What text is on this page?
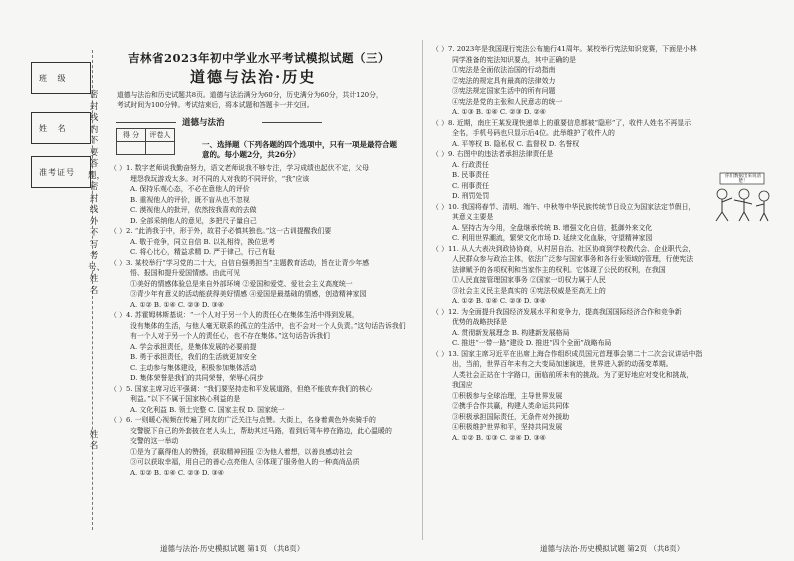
班 级
姓 名
准考证号
密封线内不要答题，密封线外不写考号、姓名
姓名
吉林省2023年初中学业水平考试模拟试题（三）
道德与法治·历史
道德与法治和历史试题共8页。道德与法治满分为60分，历史满分为60分，共计120分，
考试时间为100分钟。考试结束后，将本试题和答题卡一并交回。
道德与法治
得 分	评卷人

一、选择题（下列各题的四个选项中，只有一项是最符合题
意的。每小题2分，共26分）

（ ）1. 数字老师说我勤奋努力，语文老师说我不够专注，学习成绩也起伏不定，父母

埋怨我玩游戏太多。对不同的人对我的不同评价，“我”应该

A. 保持乐观心态，不必在意他人的评价

B. 重视他人的评价，既不盲从也不忽视

C. 漠视他人的批评，依然按我喜欢的去做

D. 全部采纳他人的意见，多把尺子量自己

（ ）2. “此消我于中，形于外，故君子必慎其独也。”这一古训提醒我们要

A. 敬于竞争，同立自信 B. 以礼相待，换位思考

C. 将心比心，精益求精 D. 严于律己，行己有耻

（ ）3. 某校举行“学习党的二十大，自信自强勇担当”主题教育活动，旨在让青少年感

悟、报国和提升爱国情感。由此可见

①美好的情感体验总是来自外部环境 ②爱国和爱党、爱社会主义高度统一

③青少年有意义的活动能获得美好情感 ④爱国是最基础的情感，创造精神家园

A. ①② B. ①④ C. ②③ D. ③④

（ ）4. 苏霍姆林斯基说：“一个人对于另一个人的责任心在集体生活中得到发展，

没有集体的生活，与他人毫无联系的孤立的生活中，也不会对一个人负责。”这句话告诉我们

有一个人对于另一个人的责任心，也不存在集体。”这句话告诉我们

A. 学会承担责任，是集体发展的必要前提

B. 勇于承担责任，我们的生活就更加安全

C. 主动参与集体建设，积极参加集体活动

D. 集体荣誉是我们的共同荣誉，荣辱心同步

（ ）5. 国家主席习近平强调：“我们要坚持走和平发展道路，但绝不能放弃我们的核心

利益。”以下不属于国家核心利益的是

A. 文化利益 B. 领土完整 C. 国家主权 D. 国家统一

（ ）6. 一则暖心视频在传遍了网友的广泛关注与点赞。大街上，名身着黄色外卖骑手的

交警脱下自己的外套披在老人头上，帮助其过马路，看到后驾车停在路边，此心温暖的

交警的这一举动

①是为了赢得他人的赞扬，获取精神回报 ②为他人着想，以善良感动社会

③可以获取幸福，用自己的善心点亮他人 ④体现了服务他人的一种高尚品质

A. ①② B. ①④ C. ②③ D. ③④

（ ）7. 2023年是我国现行宪法公布施行41周年。某校举行宪法知识竞赛，下面是小林

同学准备的宪法知识要点，其中正确的是

①宪法是全面依法治国的行动指南

②宪法的规定具有最高的法律效力

③宪法规定国家生活中的所有问题

④宪法是党的主张和人民意志的统一

A. ①③ B. ①④ C. ②③ D. ②④

（ ）8. 近期，南庄王某发现快递单上的重要信息都被“隐形”了，收件人姓名不再显示

全名，手机号码也只显示后4位。此举维护了收件人的

A. 平等权 B. 隐私权 C. 监督权 D. 名誉权

（ ）9. 右图中的违法者承担法律责任是

A. 行政责任

B. 民事责任

C. 刑事责任

D. 刑罚处罚

（ ）10. 我国将春节、清明、端午、中秋等中华民族传统节日设立为国家法定节假日，

其意义主要是

A. 坚持古为今用，全盘继承传统 B. 增强文化自信，抵御外来文化

C. 利用世界潮流，繁荣文化市场 D. 延续文化血脉，守望精神家园

（ ）11. 从人大表决到政协协商，从村居自治、社区协商到学校教代会、企业职代会，

人民群众参与政治主体，依法广泛参与国家事务和各行业领域的管理，行使宪法

法律赋予的各项权利和当家作主的权利。它体现了公民的权利，在我国

①人民直接管理国家事务 ②国家一切权力属于人民

③社会主义民主是真实的 ④宪法权威是至高无上的

A. ①② B. ①④ C. ②③ D. ③④

（ ）12. 为全面提升我国经济发展水平和竞争力，提高我国国际经济合作和竞争新

优势的战略抉择是

A. 贯彻新发展理念 B. 构建新发展格局

C. 推进“一带一路”建设 D. 推进“四个全面”战略布局

（ ）13. 国家主席习近平在出席上海合作组织成员国元首理事会第二十二次会议讲话中指

出，当前，世界百年未有之大变局加速演进，世界进入新的动荡变革期。

人类社会正站在十字路口，面临前所未有的挑战。为了更好地应对变化和挑战，

我国应

①积极参与全球治理，主导世界发展

②携手合作共赢，构建人类命运共同体

③积极承担国际责任，无条件对外援助

④积极维护世界和平，坚持共同发展

A. ①② B. ①③ C. ②④ D. ③④

你们数据出来说清楚！
道德与法治·历史模拟试题 第1页 （共8页）	道德与法治·历史模拟试题 第2页 （共8页）
